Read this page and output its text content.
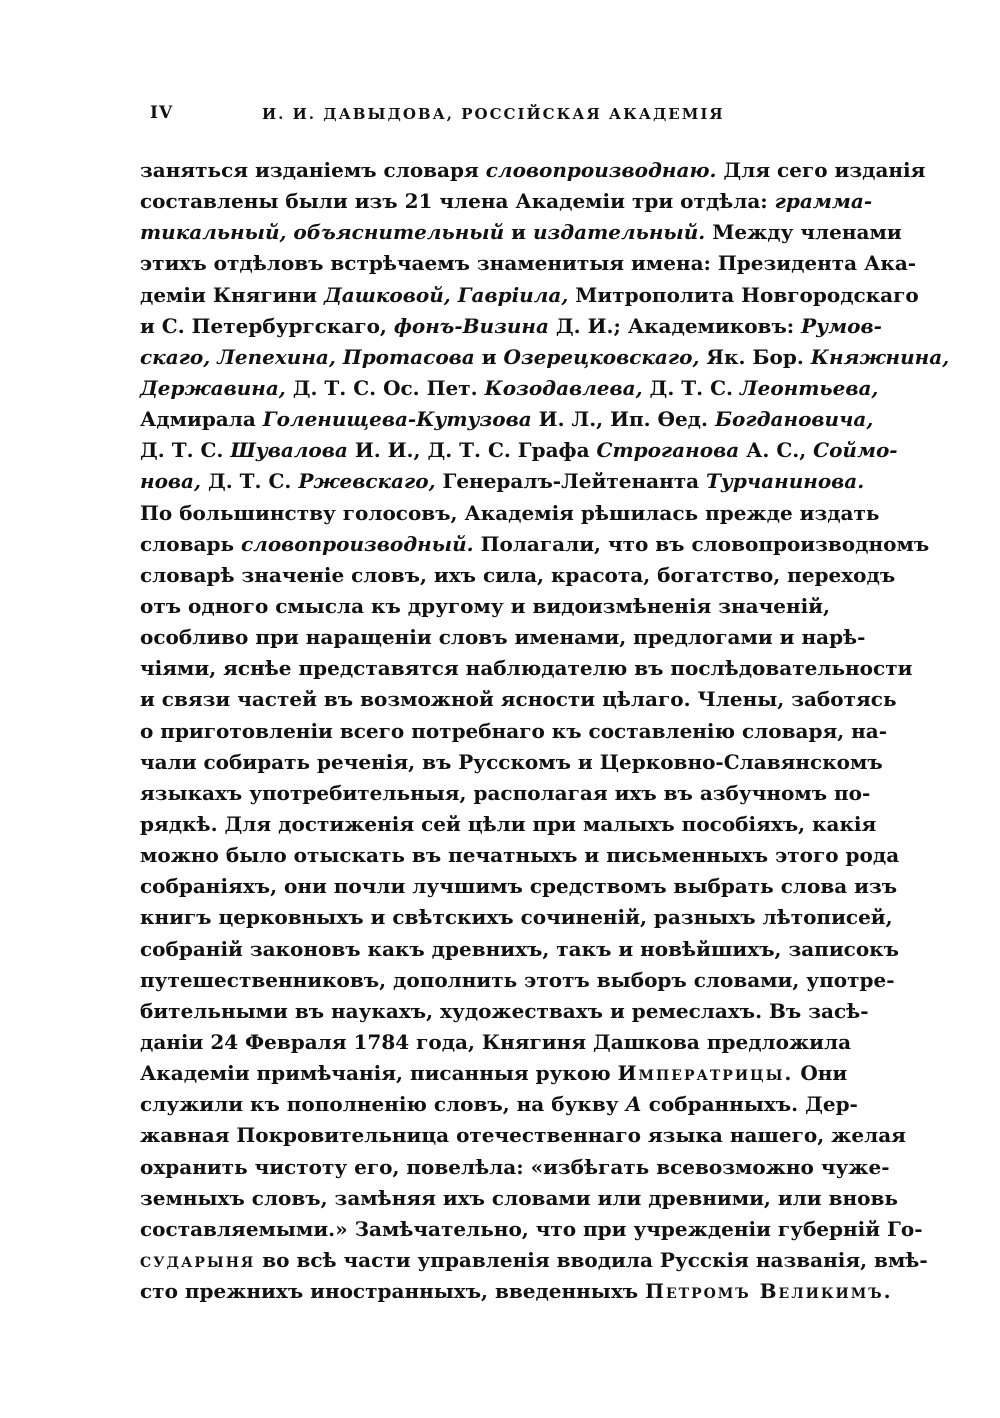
IV	И. И. ДАВЫДОВА, РОССІЙСКАЯ АКАДЕМІЯ
заняться изданіемъ словаря словопроизводнаю. Для сего изданія
составлены были изъ 21 члена Академіи три отдѣла: грамма-
тикальный, объяснительный и издательный. Между членами
этихъ отдѣловъ встрѣчаемъ знаменитыя имена: Президента Ака-
деміи Княгини Дашковой, Гаврiила, Митрополита Новгородскаго
и С. Петербургскаго, фонъ-Визина Д. И.; Академиковъ: Румов-
скаго, Лепехина, Протасова и Озерецковскаго, Як. Бор. Княжнина,
Державина, Д. Т. С. Ос. Пет. Козодавлева, Д. Т. С. Леонтьева,
Адмирала Голенищева-Кутузова И. Л., Ип. Ѳед. Богдановича,
Д. Т. С. Шувалова И. И., Д. Т. С. Графа Строганова А. С., Соймо-
нова, Д. Т. С. Ржевскаго, Генералъ-Лейтенанта Турчанинова.
По большинству голосовъ, Академія рѣшилась прежде издать
словарь словопроизводный. Полагали, что въ словопроизводномъ
словарѣ значеніе словъ, ихъ сила, красота, богатство, переходъ
отъ одного смысла къ другому и видоизмѣненія значеній,
особливо при наращеніи словъ именами, предлогами и нарѣ-
чіями, яснѣе представятся наблюдателю въ послѣдовательности
и связи частей въ возможной ясности цѣлаго. Члены, заботясь
о приготовленіи всего потребнаго къ составленію словаря, на-
чали собирать реченія, въ Русскомъ и Церковно-Славянскомъ
языкахъ употребительныя, располагая ихъ въ азбучномъ по-
рядкѣ. Для достиженія сей цѣли при малыхъ пособіяхъ, какія
можно было отыскать въ печатныхъ и письменныхъ этого рода
собраніяхъ, они почли лучшимъ средствомъ выбрать слова изъ
книгъ церковныхъ и свѣтскихъ сочиненій, разныхъ лѣтописей,
собраній законовъ какъ древнихъ, такъ и новѣйшихъ, записокъ
путешественниковъ, дополнить этотъ выборъ словами, употре-
бительными въ наукахъ, художествахъ и ремеслахъ. Въ засѣ-
даніи 24 Февраля 1784 года, Княгиня Дашкова предложила
Академіи примѣчанія, писанныя рукою Императрицы. Они
служили къ пополненію словъ, на букву А собранныхъ. Дер-
жавная Покровительница отечественнаго языка нашего, желая
охранить чистоту его, повелѣла: «избѣгать всевозможно чуже-
земныхъ словъ, замѣняя ихъ словами или древними, или вновь
составляемыми.» Замѣчательно, что при учрежденіи губерній Го-
сударыня во всѣ части управленія вводила Русскія названія, вмѣ-
сто прежнихъ иностранныхъ, введенныхъ Петромъ Великимъ.
